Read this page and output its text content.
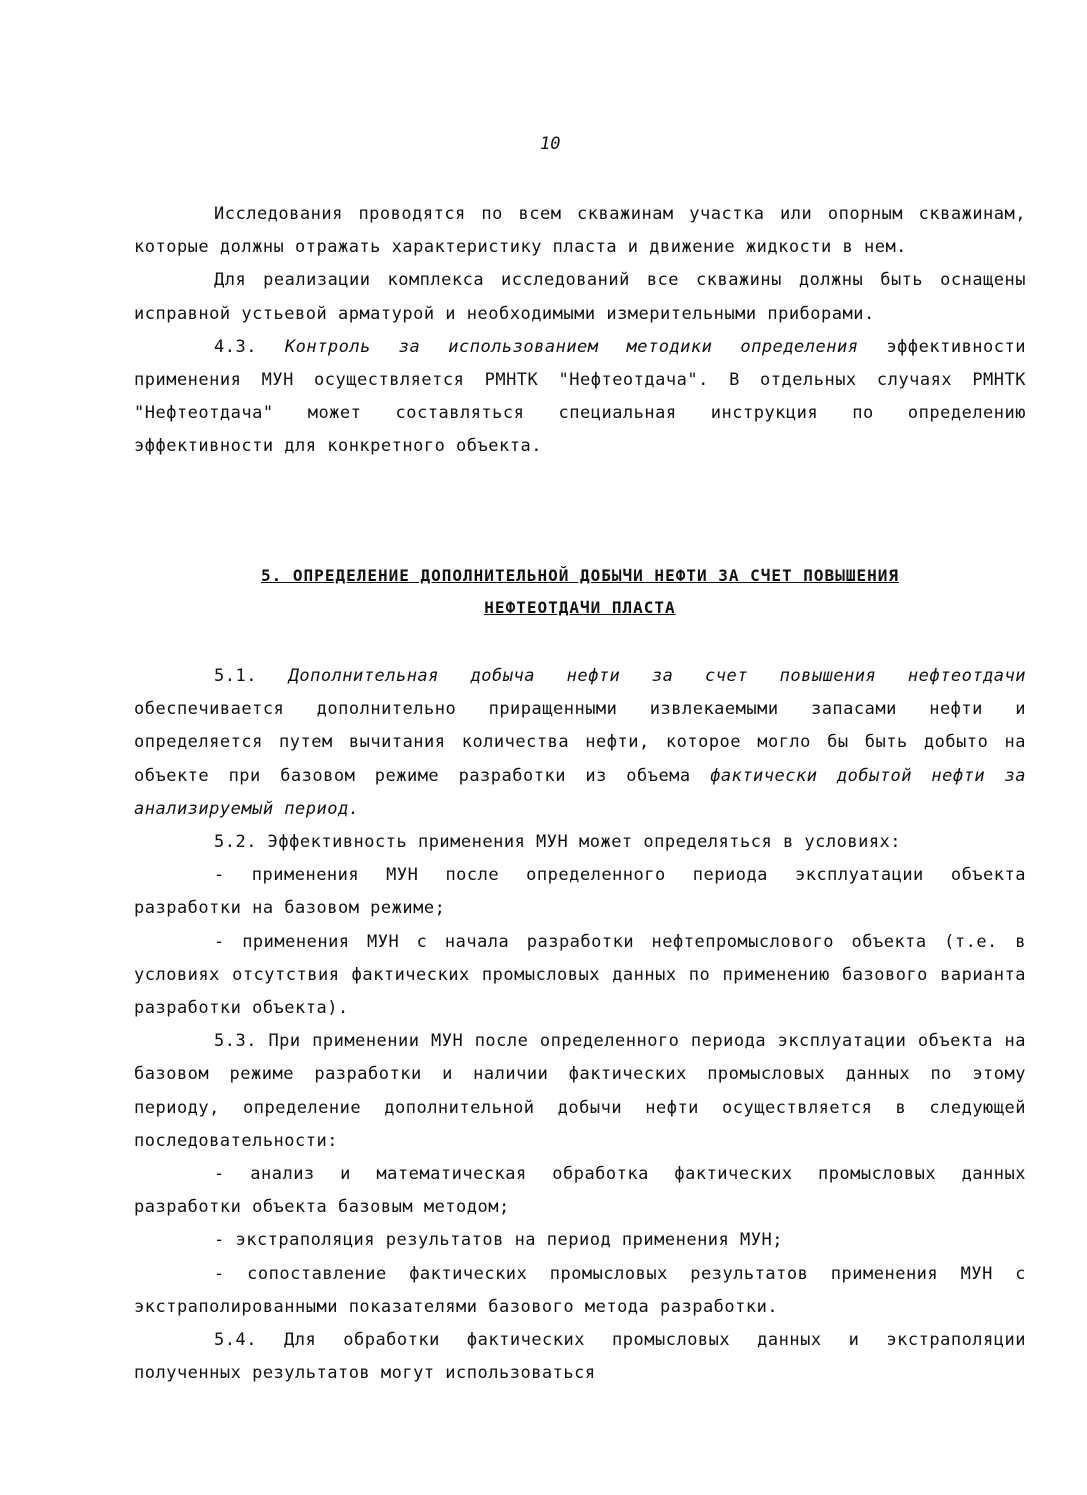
10

Исследования проводятся по всем скважинам участка или опорным скважинам, которые должны отражать характеристику пласта и движение жидкости в нем.

Для реализации комплекса исследований все скважины должны быть оснащены исправной устьевой арматурой и необходимыми измерительными приборами.

4.3. Контроль за использованием методики определения эффективности применения МУН осуществляется РМНТК "Нефтеотдача". В отдельных случаях РМНТК "Нефтеотдача" может составляться специальная инструкция по определению эффективности для конкретного объекта.

5. ОПРЕДЕЛЕНИЕ ДОПОЛНИТЕЛЬНОЙ ДОБЫЧИ НЕФТИ ЗА СЧЕТ ПОВЫШЕНИЯ
НЕФТЕОТДАЧИ ПЛАСТА

5.1. Дополнительная добыча нефти за счет повышения нефтеотдачи обеспечивается дополнительно приращенными извлекаемыми запасами нефти и определяется путем вычитания количества нефти, которое могло бы быть добыто на объекте при базовом режиме разработки из объема фактически добытой нефти за анализируемый период.

5.2. Эффективность применения МУН может определяться в условиях:

- применения МУН после определенного периода эксплуатации объекта разработки на базовом режиме;

- применения МУН с начала разработки нефтепромыслового объекта (т.е. в условиях отсутствия фактических промысловых данных по применению базового варианта разработки объекта).

5.3. При применении МУН после определенного периода эксплуатации объекта на базовом режиме разработки и наличии фактических промысловых данных по этому периоду, определение дополнительной добычи нефти осуществляется в следующей последовательности:

- анализ и математическая обработка фактических промысловых данных разработки объекта базовым методом;

- экстраполяция результатов на период применения МУН;

- сопоставление фактических промысловых результатов применения МУН с экстраполированными показателями базового метода разработки.

5.4. Для обработки фактических промысловых данных и экстраполяции полученных результатов могут использоваться
